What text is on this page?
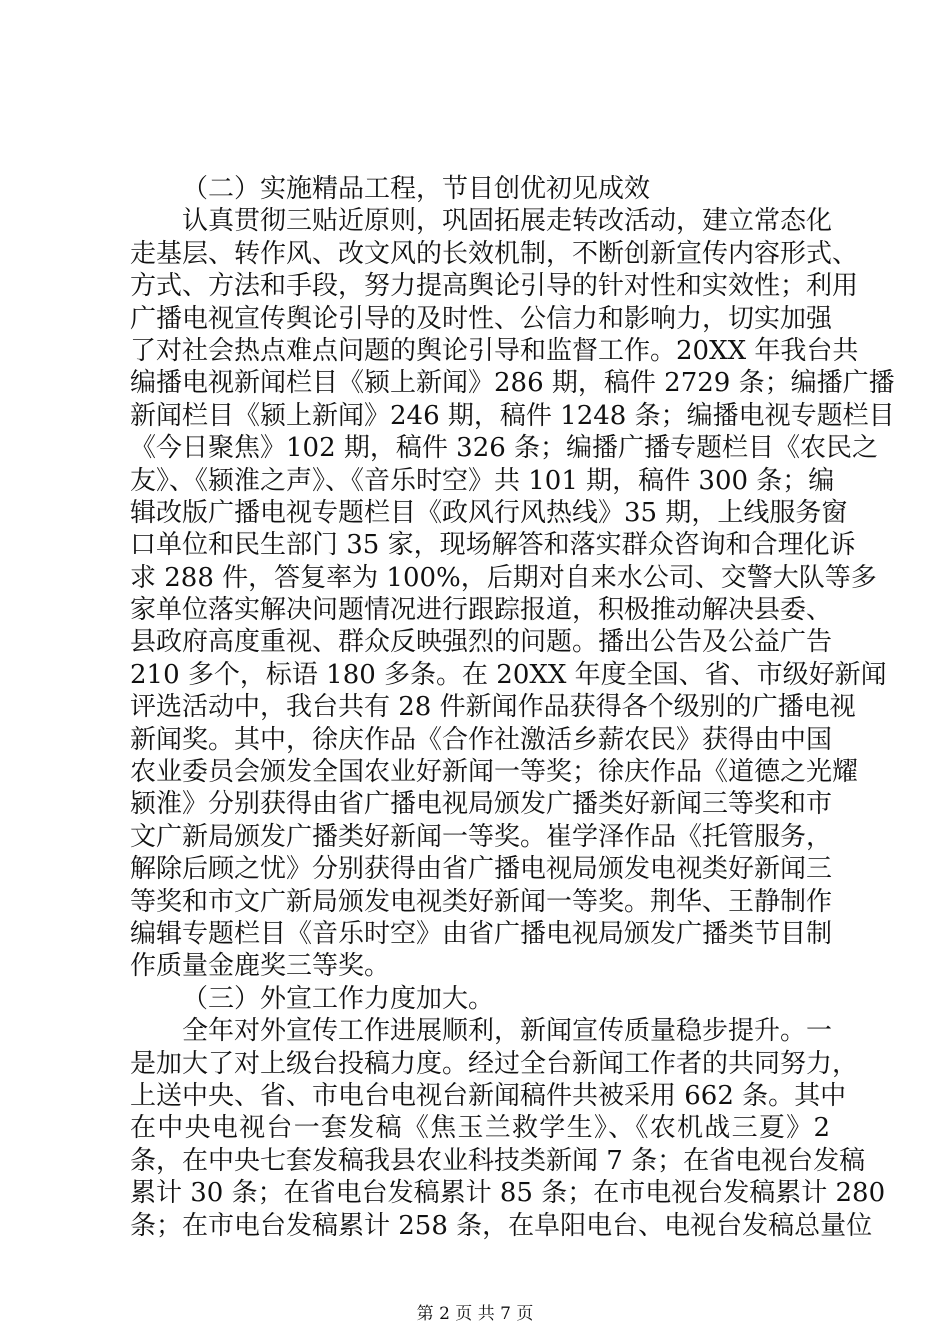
（二）实施精品工程，节目创优初见成效
认真贯彻三贴近原则，巩固拓展走转改活动，建立常态化
走基层、转作风、改文风的长效机制，不断创新宣传内容形式、
方式、方法和手段，努力提高舆论引导的针对性和实效性；利用
广播电视宣传舆论引导的及时性、公信力和影响力，切实加强
了对社会热点难点问题的舆论引导和监督工作。20XX 年我台共
编播电视新闻栏目《颍上新闻》286 期，稿件 2729 条；编播广播
新闻栏目《颍上新闻》246 期，稿件 1248 条；编播电视专题栏目
《今日聚焦》102 期，稿件 326 条；编播广播专题栏目《农民之
友》、《颍淮之声》、《音乐时空》共 101 期，稿件 300 条；编
辑改版广播电视专题栏目《政风行风热线》35 期，上线服务窗
口单位和民生部门 35 家，现场解答和落实群众咨询和合理化诉
求 288 件，答复率为 100%，后期对自来水公司、交警大队等多
家单位落实解决问题情况进行跟踪报道，积极推动解决县委、
县政府高度重视、群众反映强烈的问题。播出公告及公益广告
210 多个，标语 180 多条。在 20XX 年度全国、省、市级好新闻
评选活动中，我台共有 28 件新闻作品获得各个级别的广播电视
新闻奖。其中，徐庆作品《合作社激活乡薪农民》获得由中国
农业委员会颁发全国农业好新闻一等奖；徐庆作品《道德之光耀
颍淮》分别获得由省广播电视局颁发广播类好新闻三等奖和市
文广新局颁发广播类好新闻一等奖。崔学泽作品《托管服务，
解除后顾之忧》分别获得由省广播电视局颁发电视类好新闻三
等奖和市文广新局颁发电视类好新闻一等奖。荆华、王静制作
编辑专题栏目《音乐时空》由省广播电视局颁发广播类节目制
作质量金鹿奖三等奖。
（三）外宣工作力度加大。
全年对外宣传工作进展顺利，新闻宣传质量稳步提升。一
是加大了对上级台投稿力度。经过全台新闻工作者的共同努力，
上送中央、省、市电台电视台新闻稿件共被采用 662 条。其中
在中央电视台一套发稿《焦玉兰救学生》、《农机战三夏》2
条，在中央七套发稿我县农业科技类新闻 7 条；在省电视台发稿
累计 30 条；在省电台发稿累计 85 条；在市电视台发稿累计 280
条；在市电台发稿累计 258 条，在阜阳电台、电视台发稿总量位
第 2 页 共 7 页
